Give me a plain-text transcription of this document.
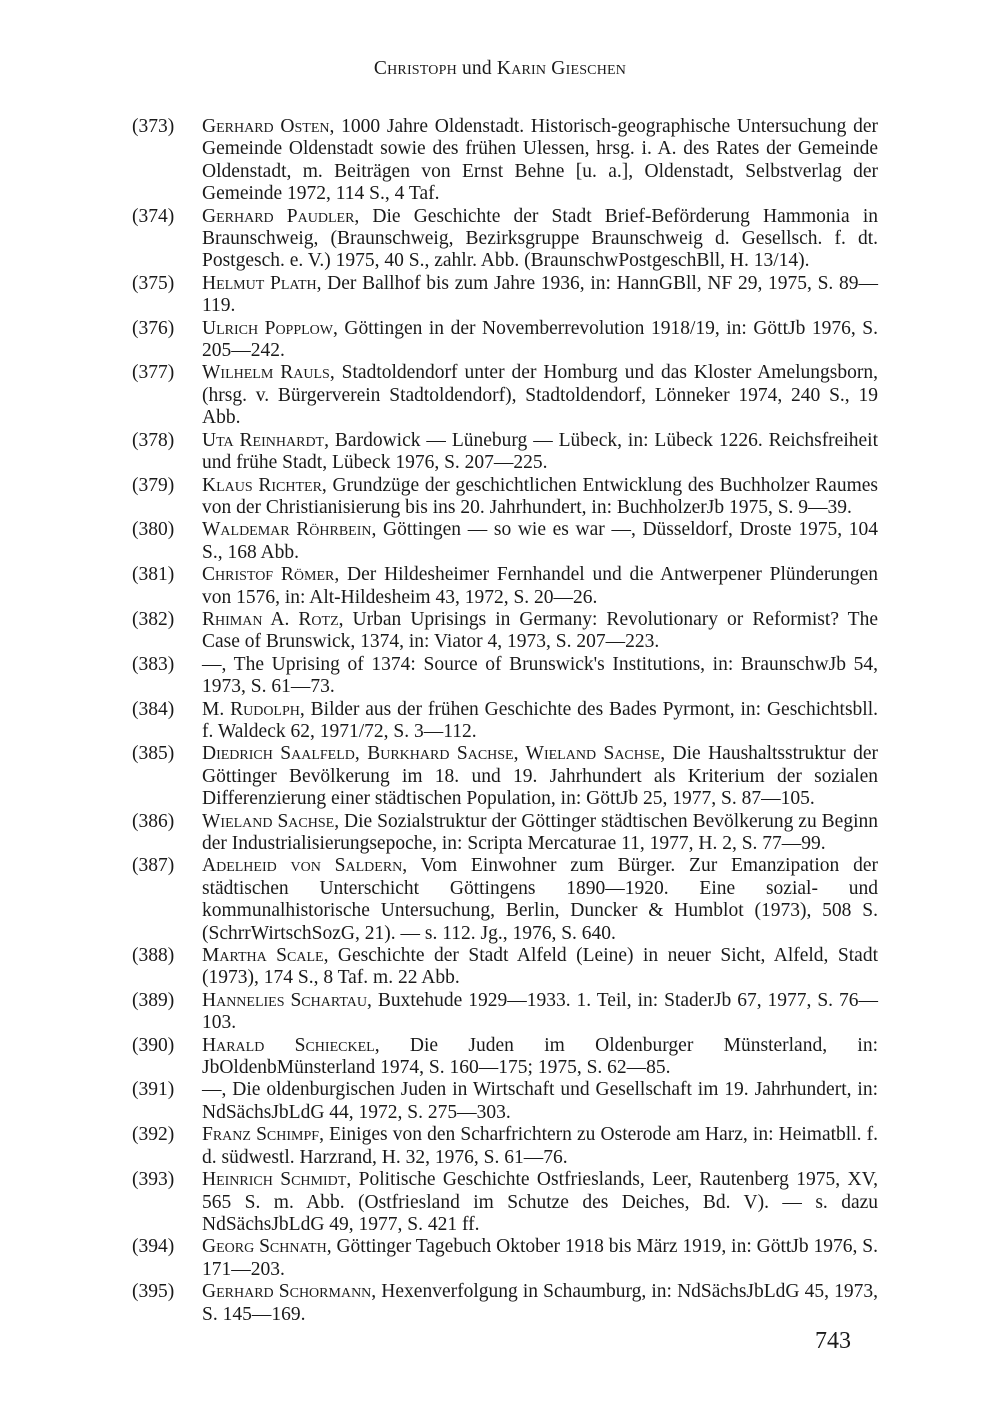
Christoph und Karin Gieschen
(373)	Gerhard Osten, 1000 Jahre Oldenstadt. Historisch-geographische Untersuchung der Gemeinde Oldenstadt sowie des frühen Ulessen, hrsg. i. A. des Rates der Gemeinde Oldenstadt, m. Beiträgen von Ernst Behne [u. a.], Oldenstadt, Selbstverlag der Gemeinde 1972, 114 S., 4 Taf.
(374)	Gerhard Paudler, Die Geschichte der Stadt Brief-Beförderung Hammonia in Braunschweig, (Braunschweig, Bezirksgruppe Braunschweig d. Gesellsch. f. dt. Postgesch. e. V.) 1975, 40 S., zahlr. Abb. (BraunschwPostgeschBll, H. 13/14).
(375)	Helmut Plath, Der Ballhof bis zum Jahre 1936, in: HannGBll, NF 29, 1975, S. 89—119.
(376)	Ulrich Popplow, Göttingen in der Novemberrevolution 1918/19, in: GöttJb 1976, S. 205—242.
(377)	Wilhelm Rauls, Stadtoldendorf unter der Homburg und das Kloster Amelungsborn, (hrsg. v. Bürgerverein Stadtoldendorf), Stadtoldendorf, Lönneker 1974, 240 S., 19 Abb.
(378)	Uta Reinhardt, Bardowick — Lüneburg — Lübeck, in: Lübeck 1226. Reichsfreiheit und frühe Stadt, Lübeck 1976, S. 207—225.
(379)	Klaus Richter, Grundzüge der geschichtlichen Entwicklung des Buchholzer Raumes von der Christianisierung bis ins 20. Jahrhundert, in: BuchholzerJb 1975, S. 9—39.
(380)	Waldemar Röhrbein, Göttingen — so wie es war —, Düsseldorf, Droste 1975, 104 S., 168 Abb.
(381)	Christof Römer, Der Hildesheimer Fernhandel und die Antwerpener Plünderungen von 1576, in: Alt-Hildesheim 43, 1972, S. 20—26.
(382)	Rhiman A. Rotz, Urban Uprisings in Germany: Revolutionary or Reformist? The Case of Brunswick, 1374, in: Viator 4, 1973, S. 207—223.
(383)	—, The Uprising of 1374: Source of Brunswick's Institutions, in: BraunschwJb 54, 1973, S. 61—73.
(384)	M. Rudolph, Bilder aus der frühen Geschichte des Bades Pyrmont, in: Geschichtsbll. f. Waldeck 62, 1971/72, S. 3—112.
(385)	Diedrich Saalfeld, Burkhard Sachse, Wieland Sachse, Die Haushaltsstruktur der Göttinger Bevölkerung im 18. und 19. Jahrhundert als Kriterium der sozialen Differenzierung einer städtischen Population, in: GöttJb 25, 1977, S. 87—105.
(386)	Wieland Sachse, Die Sozialstruktur der Göttinger städtischen Bevölkerung zu Beginn der Industrialisierungsepoche, in: Scripta Mercaturae 11, 1977, H. 2, S. 77—99.
(387)	Adelheid von Saldern, Vom Einwohner zum Bürger. Zur Emanzipation der städtischen Unterschicht Göttingens 1890—1920. Eine sozial- und kommunalhistorische Untersuchung, Berlin, Duncker & Humblot (1973), 508 S. (SchrrWirtschSozG, 21). — s. 112. Jg., 1976, S. 640.
(388)	Martha Scale, Geschichte der Stadt Alfeld (Leine) in neuer Sicht, Alfeld, Stadt (1973), 174 S., 8 Taf. m. 22 Abb.
(389)	Hannelies Schartau, Buxtehude 1929—1933. 1. Teil, in: StaderJb 67, 1977, S. 76—103.
(390)	Harald Schieckel, Die Juden im Oldenburger Münsterland, in: JbOldenbMünsterland 1974, S. 160—175; 1975, S. 62—85.
(391)	—, Die oldenburgischen Juden in Wirtschaft und Gesellschaft im 19. Jahrhundert, in: NdSächsJbLdG 44, 1972, S. 275—303.
(392)	Franz Schimpf, Einiges von den Scharfrichtern zu Osterode am Harz, in: Heimatbll. f. d. südwestl. Harzrand, H. 32, 1976, S. 61—76.
(393)	Heinrich Schmidt, Politische Geschichte Ostfrieslands, Leer, Rautenberg 1975, XV, 565 S. m. Abb. (Ostfriesland im Schutze des Deiches, Bd. V). — s. dazu NdSächsJbLdG 49, 1977, S. 421 ff.
(394)	Georg Schnath, Göttinger Tagebuch Oktober 1918 bis März 1919, in: GöttJb 1976, S. 171—203.
(395)	Gerhard Schormann, Hexenverfolgung in Schaumburg, in: NdSächsJbLdG 45, 1973, S. 145—169.
743
